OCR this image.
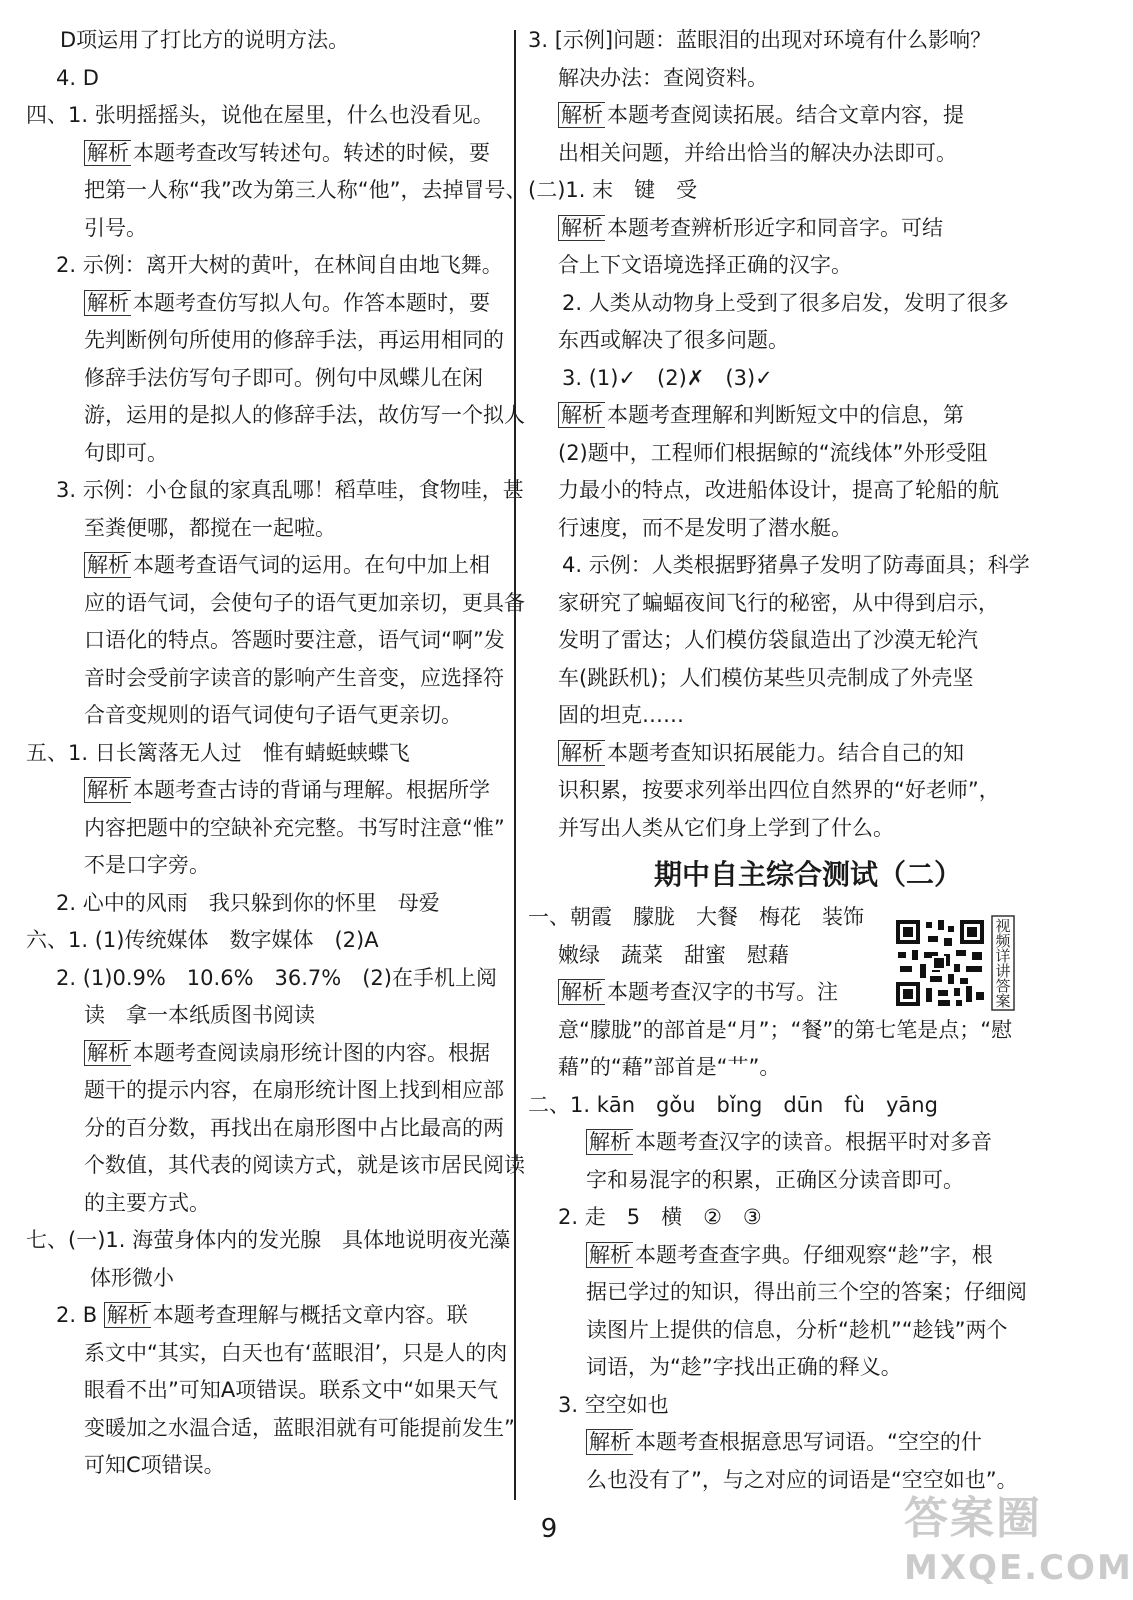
D项运用了打比方的说明方法。
4. D
四、1. 张明摇摇头，说他在屋里，什么也没看见。
解析 本题考查改写转述句。转述的时候，要
把第一人称“我”改为第三人称“他”，去掉冒号、
引号。
2. 示例：离开大树的黄叶，在林间自由地飞舞。
解析 本题考查仿写拟人句。作答本题时，要
先判断例句所使用的修辞手法，再运用相同的
修辞手法仿写句子即可。例句中凤蝶儿在闲
游，运用的是拟人的修辞手法，故仿写一个拟人
句即可。
3. 示例：小仓鼠的家真乱哪！稻草哇，食物哇，甚
至粪便哪，都搅在一起啦。
解析 本题考查语气词的运用。在句中加上相
应的语气词，会使句子的语气更加亲切，更具备
口语化的特点。答题时要注意，语气词“啊”发
音时会受前字读音的影响产生音变，应选择符
合音变规则的语气词使句子语气更亲切。
五、1. 日长篱落无人过　惟有蜻蜓蛱蝶飞
解析 本题考查古诗的背诵与理解。根据所学
内容把题中的空缺补充完整。书写时注意“惟”
不是口字旁。
2. 心中的风雨　我只躲到你的怀里　母爱
六、1. (1)传统媒体　数字媒体　(2)A
2. (1)0.9%　10.6%　36.7%　(2)在手机上阅
读　拿一本纸质图书阅读
解析 本题考查阅读扇形统计图的内容。根据
题干的提示内容，在扇形统计图上找到相应部
分的百分数，再找出在扇形图中占比最高的两
个数值，其代表的阅读方式，就是该市居民阅读
的主要方式。
七、(一)1. 海萤身体内的发光腺　具体地说明夜光藻
体形微小
2. B 解析 本题考查理解与概括文章内容。联
系文中“其实，白天也有‘蓝眼泪’，只是人的肉
眼看不出”可知A项错误。联系文中“如果天气
变暖加之水温合适，蓝眼泪就有可能提前发生”
可知C项错误。
3. [示例]问题：蓝眼泪的出现对环境有什么影响？
解决办法：查阅资料。
解析 本题考查阅读拓展。结合文章内容，提
出相关问题，并给出恰当的解决办法即可。
(二)1. 末　键　受
解析 本题考查辨析形近字和同音字。可结
合上下文语境选择正确的汉字。
2. 人类从动物身上受到了很多启发，发明了很多
东西或解决了很多问题。
3. (1)✓　(2)✗　(3)✓
解析 本题考查理解和判断短文中的信息，第
(2)题中，工程师们根据鲸的“流线体”外形受阻
力最小的特点，改进船体设计，提高了轮船的航
行速度，而不是发明了潜水艇。
4. 示例：人类根据野猪鼻子发明了防毒面具；科学
家研究了蝙蝠夜间飞行的秘密，从中得到启示，
发明了雷达；人们模仿袋鼠造出了沙漠无轮汽
车(跳跃机)；人们模仿某些贝壳制成了外壳坚
固的坦克……
解析 本题考查知识拓展能力。结合自己的知
识积累，按要求列举出四位自然界的“好老师”，
并写出人类从它们身上学到了什么。
期中自主综合测试（二）
一、朝霞　朦胧　大餐　梅花　装饰
嫩绿　蔬菜　甜蜜　慰藉
解析 本题考查汉字的书写。注
意“朦胧”的部首是“月”；“餐”的第七笔是点；“慰
藉”的“藉”部首是“艹”。
二、1. kān　gǒu　bǐng　dūn　fù　yāng
解析 本题考查汉字的读音。根据平时对多音
字和易混字的积累，正确区分读音即可。
2. 走　5　横　②　③
解析 本题考查查字典。仔细观察“趁”字，根
据已学过的知识，得出前三个空的答案；仔细阅
读图片上提供的信息，分析“趁机”“趁钱”两个
词语，为“趁”字找出正确的释义。
3. 空空如也
解析 本题考查根据意思写词语。“空空的什
么也没有了”，与之对应的词语是“空空如也”。
视频详讲答案
9	答案圈
MXQE.COM
